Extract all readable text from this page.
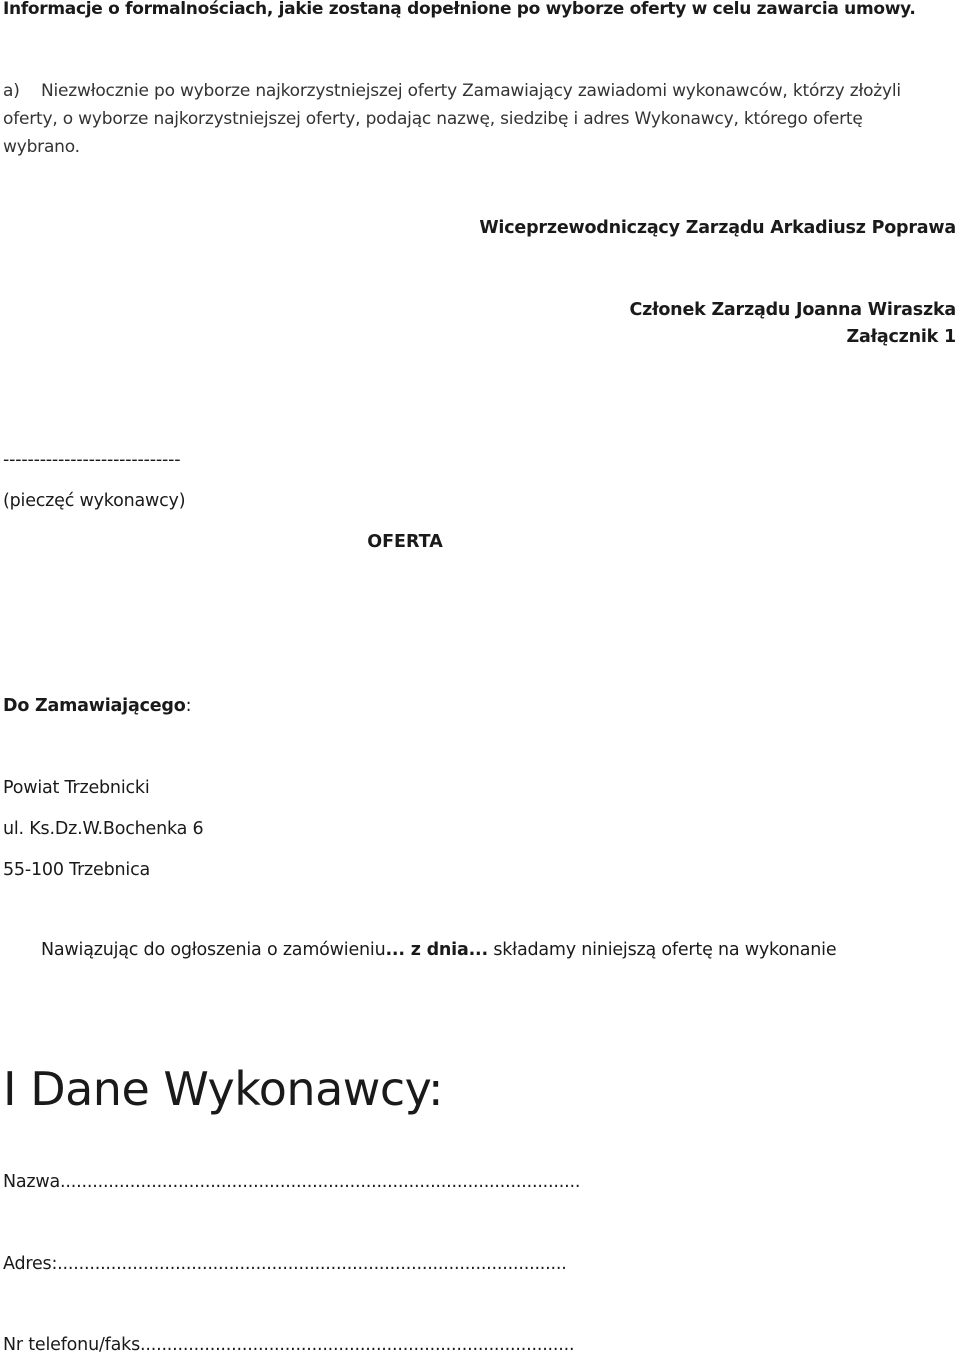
Informacje o formalnościach, jakie zostaną dopełnione po wyborze oferty w celu zawarcia umowy.

a) Niezwłocznie po wyborze najkorzystniejszej oferty Zamawiający zawiadomi wykonawców, którzy złożyli oferty, o wyborze najkorzystniejszej oferty, podając nazwę, siedzibę i adres Wykonawcy, którego ofertę wybrano.

Wiceprzewodniczący Zarządu Arkadiusz Poprawa

Członek Zarządu Joanna Wiraszka

Załącznik 1

-----------------------------

(pieczęć wykonawcy)

OFERTA

Do Zamawiającego:

Powiat Trzebnicki

ul. Ks.Dz.W.Bochenka 6

55-100 Trzebnica

Nawiązując do ogłoszenia o zamówieniu... z dnia... składamy niniejszą ofertę na wykonanie

I Dane Wykonawcy:

Nazwa.................................................................................................

Adres:...............................................................................................

Nr telefonu/faks.................................................................................
